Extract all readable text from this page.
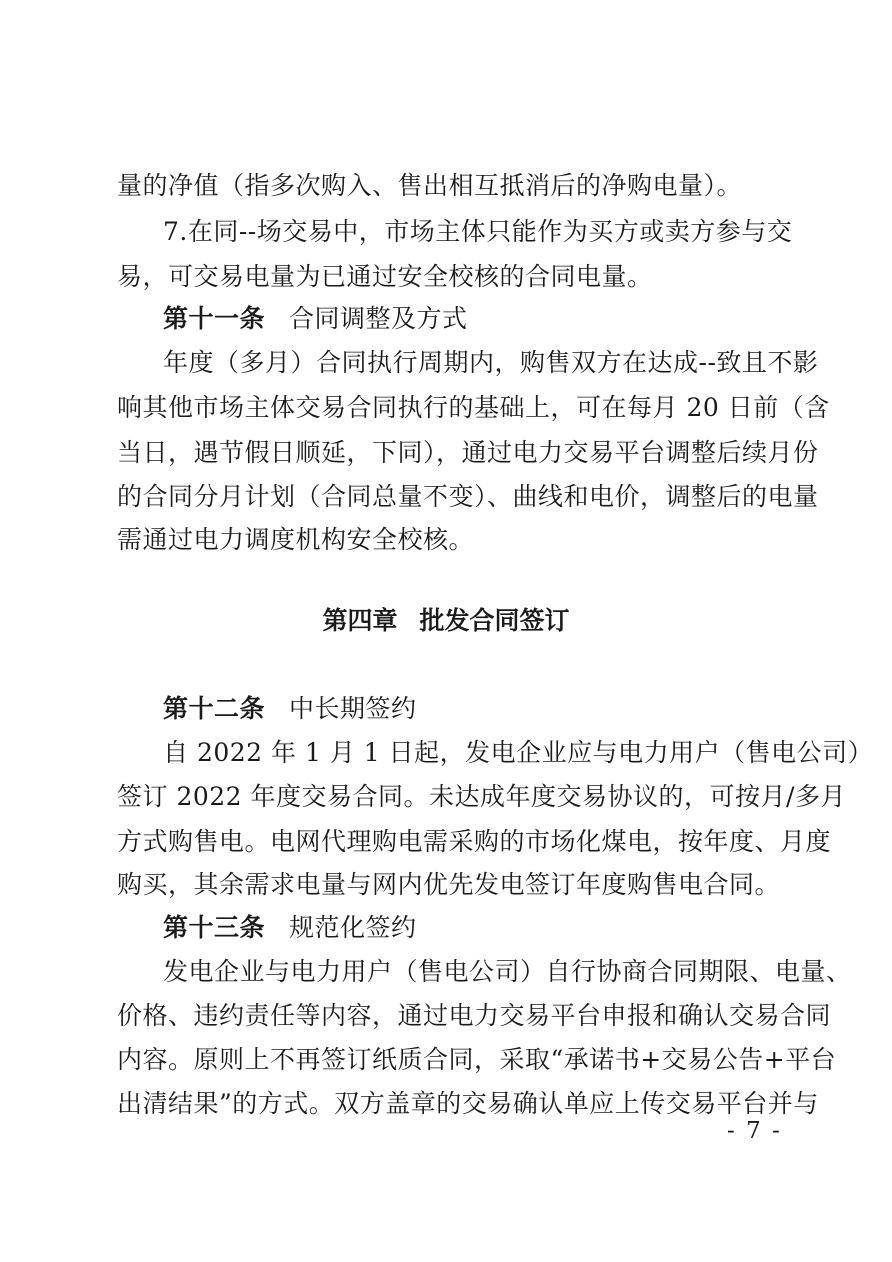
量的净值（指多次购入、售出相互抵消后的净购电量）。
7.在同--场交易中，市场主体只能作为买方或卖方参与交
易，可交易电量为已通过安全校核的合同电量。
第十一条 合同调整及方式
年度（多月）合同执行周期内，购售双方在达成--致且不影
响其他市场主体交易合同执行的基础上，可在每月 20 日前（含
当日，遇节假日顺延，下同），通过电力交易平台调整后续月份
的合同分月计划（合同总量不变）、曲线和电价，调整后的电量
需通过电力调度机构安全校核。
第四章 批发合同签订
第十二条 中长期签约
自 2022 年 1 月 1 日起，发电企业应与电力用户（售电公司）
签订 2022 年度交易合同。未达成年度交易协议的，可按月/多月
方式购售电。电网代理购电需采购的市场化煤电，按年度、月度
购买，其余需求电量与网内优先发电签订年度购售电合同。
第十三条 规范化签约
发电企业与电力用户（售电公司）自行协商合同期限、电量、
价格、违约责任等内容，通过电力交易平台申报和确认交易合同
内容。原则上不再签订纸质合同，采取“承诺书+交易公告+平台
出清结果”的方式。双方盖章的交易确认单应上传交易平台并与
- 7 -
